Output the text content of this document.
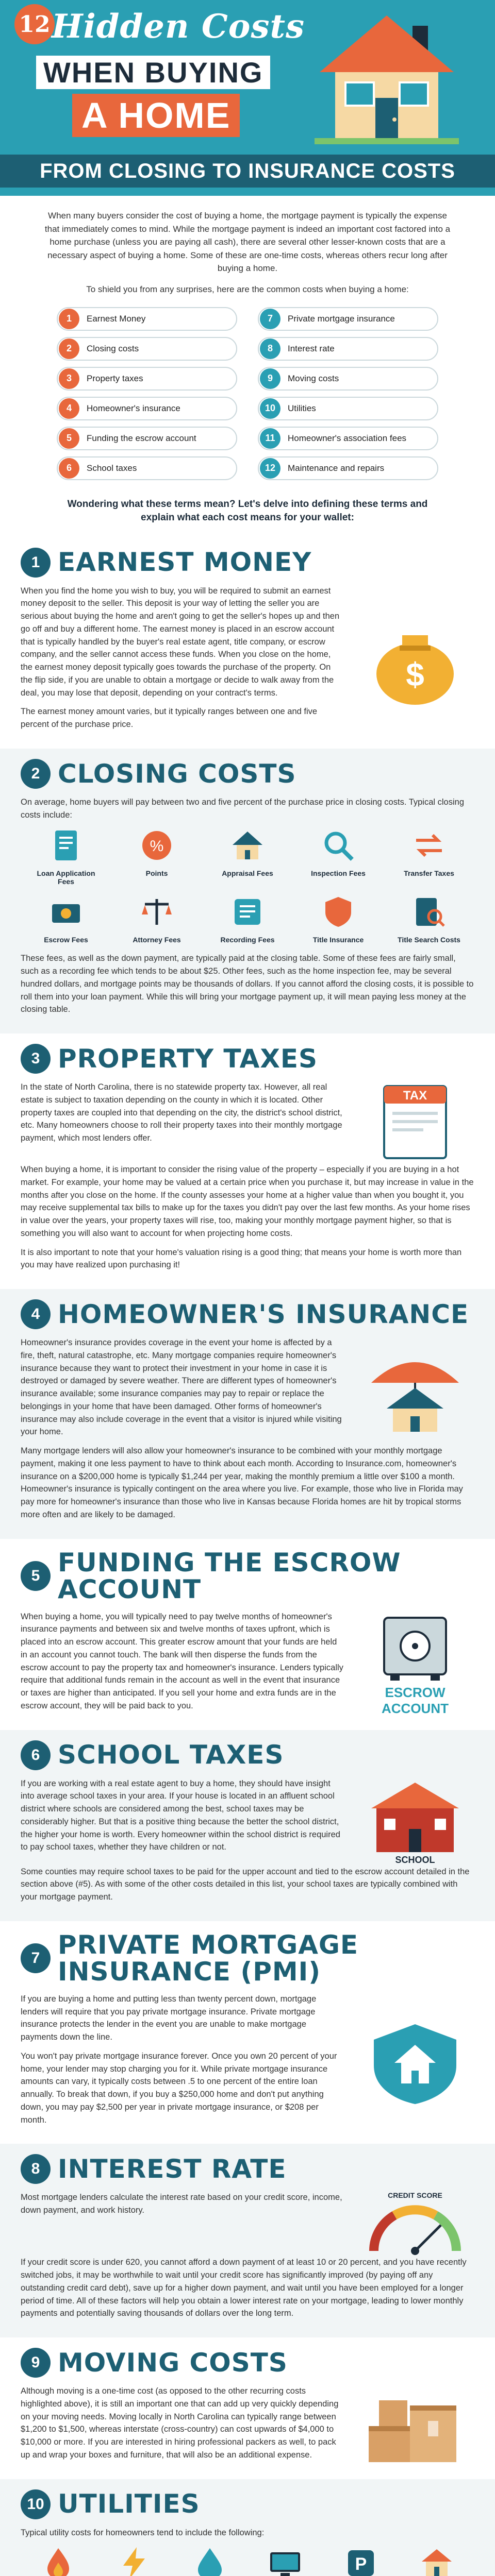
12 Hidden Costs
WHEN BUYING
A HOME
FROM CLOSING TO INSURANCE COSTS

When many buyers consider the cost of buying a home, the mortgage payment is typically the expense that immediately comes to mind. While the mortgage payment is indeed an important cost factored into a home purchase (unless you are paying all cash), there are several other lesser-known costs that are a necessary aspect of buying a home. Some of these are one-time costs, whereas others recur long after buying a home.

To shield you from any surprises, here are the common costs when buying a home:

1	Earnest Money	7	Private mortgage insurance
2	Closing costs	8	Interest rate
3	Property taxes	9	Moving costs
4	Homeowner's insurance	10	Utilities
5	Funding the escrow account	11	Homeowner's association fees
6	School taxes	12	Maintenance and repairs

Wondering what these terms mean? Let's delve into defining these terms and explain what each cost means for your wallet:

1 EARNEST MONEY

When you find the home you wish to buy, you will be required to submit an earnest money deposit to the seller. This deposit is your way of letting the seller you are serious about buying the home and aren't going to get the seller's hopes up and then go off and buy a different home. The earnest money is placed in an escrow account that is typically handled by the buyer's real estate agent, title company, or escrow company, and the seller cannot access these funds. When you close on the home, the earnest money deposit typically goes towards the purchase of the property. On the flip side, if you are unable to obtain a mortgage or decide to walk away from the deal, you may lose that deposit, depending on your contract's terms.

The earnest money amount varies, but it typically ranges between one and five percent of the purchase price.

$
2 CLOSING COSTS

On average, home buyers will pay between two and five percent of the purchase price in closing costs. Typical closing costs include:

Loan Application Fees
%
Points	Appraisal Fees	Inspection Fees	Transfer Taxes
Escrow Fees	Attorney Fees	Recording Fees	Title Insurance	Title Search Costs

These fees, as well as the down payment, are typically paid at the closing table. Some of these fees are fairly small, such as a recording fee which tends to be about $25. Other fees, such as the home inspection fee, may be several hundred dollars, and mortgage points may be thousands of dollars. If you cannot afford the closing costs, it is possible to roll them into your loan payment. While this will bring your mortgage payment up, it will mean paying less money at the closing table.

3 PROPERTY TAXES

In the state of North Carolina, there is no statewide property tax. However, all real estate is subject to taxation depending on the county in which it is located. Other property taxes are coupled into that depending on the city, the district's school district, etc. Many homeowners choose to roll their property taxes into their monthly mortgage payment, which most lenders offer.

TAX

When buying a home, it is important to consider the rising value of the property – especially if you are buying in a hot market. For example, your home may be valued at a certain price when you purchase it, but may increase in value in the months after you close on the home. If the county assesses your home at a higher value than when you bought it, you may receive supplemental tax bills to make up for the taxes you didn't pay over the last few months. As your home rises in value over the years, your property taxes will rise, too, making your monthly mortgage payment higher, so that is something you will also want to account for when projecting home costs.

It is also important to note that your home's valuation rising is a good thing; that means your home is worth more than you may have realized upon purchasing it!

4 HOMEOWNER'S INSURANCE

Homeowner's insurance provides coverage in the event your home is affected by a fire, theft, natural catastrophe, etc. Many mortgage companies require homeowner's insurance because they want to protect their investment in your home in case it is destroyed or damaged by severe weather. There are different types of homeowner's insurance available; some insurance companies may pay to repair or replace the belongings in your home that have been damaged. Other forms of homeowner's insurance may also include coverage in the event that a visitor is injured while visiting your home.

Many mortgage lenders will also allow your homeowner's insurance to be combined with your monthly mortgage payment, making it one less payment to have to think about each month. According to Insurance.com, homeowner's insurance on a $200,000 home is typically $1,244 per year, making the monthly premium a little over $100 a month. Homeowner's insurance is typically contingent on the area where you live. For example, those who live in Florida may pay more for homeowner's insurance than those who live in Kansas because Florida homes are hit by tropical storms more often and are likely to be damaged.

5 FUNDING THE ESCROW ACCOUNT

When buying a home, you will typically need to pay twelve months of homeowner's insurance payments and between six and twelve months of taxes upfront, which is placed into an escrow account. This greater escrow amount that your funds are held in an account you cannot touch. The bank will then disperse the funds from the escrow account to pay the property tax and homeowner's insurance. Lenders typically require that additional funds remain in the account as well in the event that insurance or taxes are higher than anticipated. If you sell your home and extra funds are in the escrow account, they will be paid back to you.

ESCROW ACCOUNT
6 SCHOOL TAXES

If you are working with a real estate agent to buy a home, they should have insight into average school taxes in your area. If your house is located in an affluent school district where schools are considered among the best, school taxes may be considerably higher. But that is a positive thing because the better the school district, the higher your home is worth. Every homeowner within the school district is required to pay school taxes, whether they have children or not.

SCHOOL

Some counties may require school taxes to be paid for the upper account and tied to the escrow account detailed in the section above (#5). As with some of the other costs detailed in this list, your school taxes are typically combined with your mortgage payment.

7 PRIVATE MORTGAGE INSURANCE (PMI)

If you are buying a home and putting less than twenty percent down, mortgage lenders will require that you pay private mortgage insurance. Private mortgage insurance protects the lender in the event you are unable to make mortgage payments down the line.

You won't pay private mortgage insurance forever. Once you own 20 percent of your home, your lender may stop charging you for it. While private mortgage insurance amounts can vary, it typically costs between .5 to one percent of the entire loan annually. To break that down, if you buy a $250,000 home and don't put anything down, you may pay $2,500 per year in private mortgage insurance, or $208 per month.

8 INTEREST RATE

Most mortgage lenders calculate the interest rate based on your credit score, income, down payment, and work history.

CREDIT SCORE

If your credit score is under 620, you cannot afford a down payment of at least 10 or 20 percent, and you have recently switched jobs, it may be worthwhile to wait until your credit score has significantly improved (by paying off any outstanding credit card debt), save up for a higher down payment, and wait until you have been employed for a longer period of time. All of these factors will help you obtain a lower interest rate on your mortgage, leading to lower monthly payments and potentially saving thousands of dollars over the long term.

9 MOVING COSTS

Although moving is a one-time cost (as opposed to the other recurring costs highlighted above), it is still an important one that can add up very quickly depending on your moving needs. Moving locally in North Carolina can typically range between $1,200 to $1,500, whereas interstate (cross-country) can cost upwards of $4,000 to $10,000 or more. If you are interested in hiring professional packers as well, to pack up and wrap your boxes and furniture, that will also be an additional expense.

10 UTILITIES

Typical utility costs for homeowners tend to include the following:

P
